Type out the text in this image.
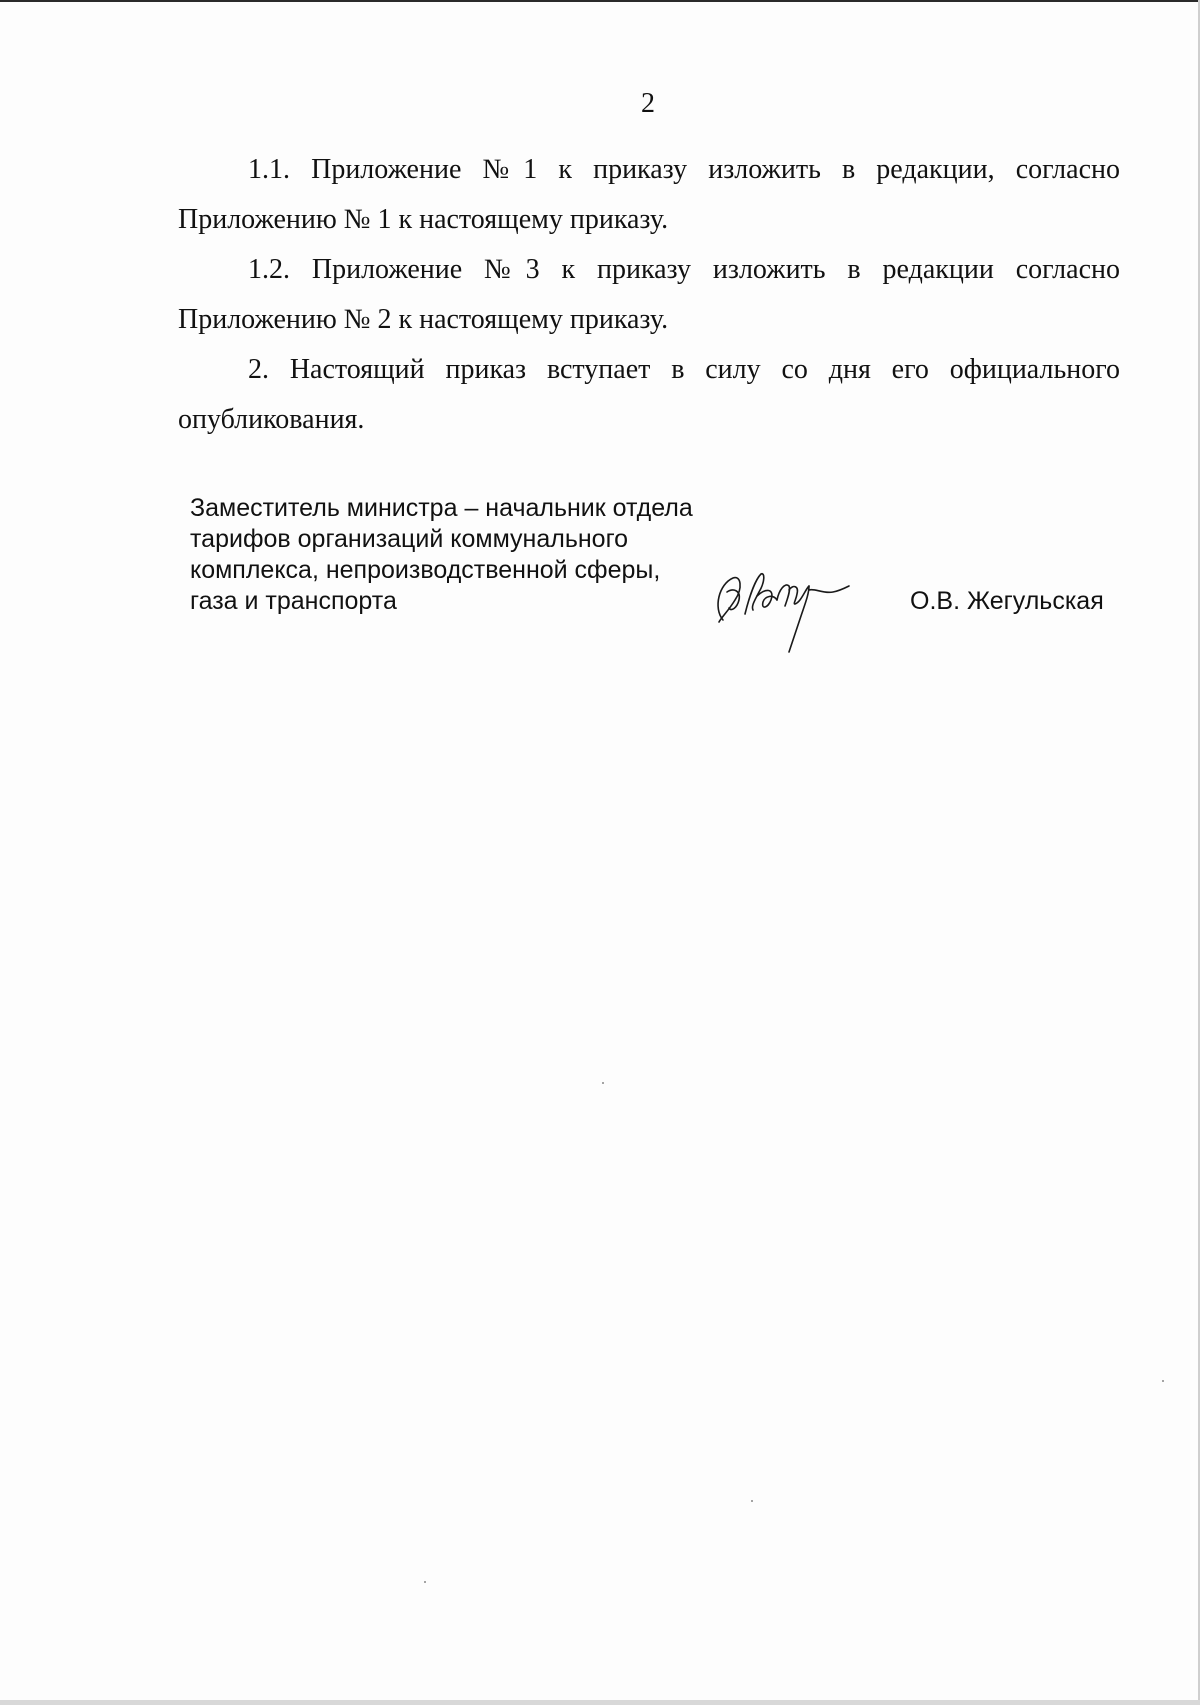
2

1.1. Приложение №1 к приказу изложить в редакции, согласно
Приложению № 1 к настоящему приказу.

1.2. Приложение №3 к приказу изложить в редакции согласно
Приложению № 2 к настоящему приказу.

2. Настоящий приказ вступает в силу со дня его официального
опубликования.

Заместитель министра – начальник отдела
тарифов организаций коммунального
комплекса, непроизводственной сферы,
газа и транспорта	О.В. Жегульская
